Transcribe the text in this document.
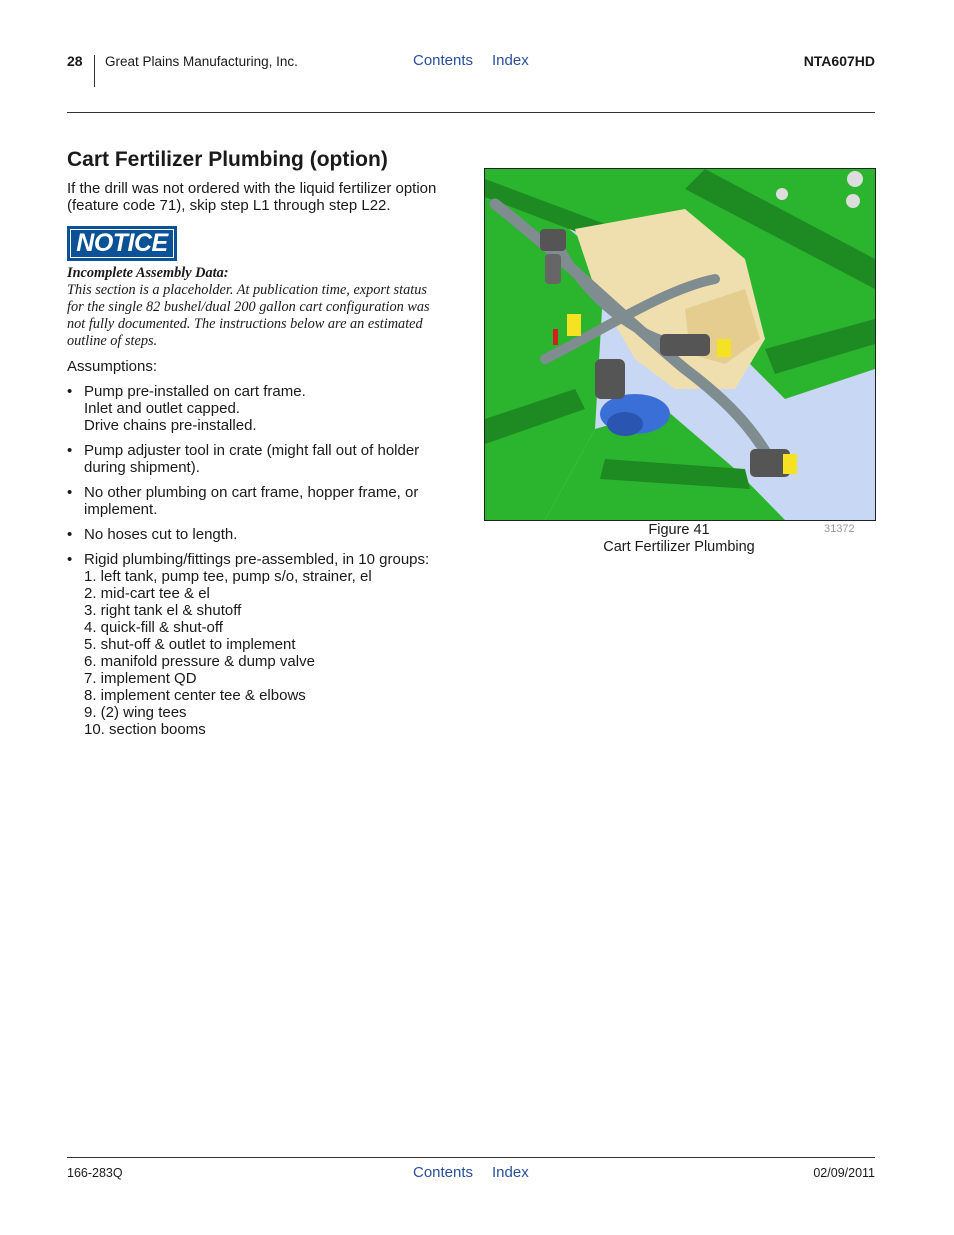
28 Great Plains Manufacturing, Inc.	Contents Index	NTA607HD
Cart Fertilizer Plumbing (option)
If the drill was not ordered with the liquid fertilizer option
(feature code 71), skip step L1 through step L22.
NOTICE
Incomplete Assembly Data:
This section is a placeholder. At publication time, export status
for the single 82 bushel/dual 200 gallon cart configuration was
not fully documented. The instructions below are an estimated
outline of steps.
Assumptions:
• Pump pre-installed on cart frame.
Inlet and outlet capped.
Drive chains pre-installed.
• Pump adjuster tool in crate (might fall out of holder
during shipment).
• No other plumbing on cart frame, hopper frame, or
implement.
• No hoses cut to length.
• Rigid plumbing/fittings pre-assembled, in 10 groups:
1. left tank, pump tee, pump s/o, strainer, el
2. mid-cart tee & el
3. right tank el & shutoff
4. quick-fill & shut-off
5. shut-off & outlet to implement
6. manifold pressure & dump valve
7. implement QD
8. implement center tee & elbows
9. (2) wing tees
10. section booms
Figure 41
Cart Fertilizer Plumbing
31372
166-283Q	Contents Index	02/09/2011
